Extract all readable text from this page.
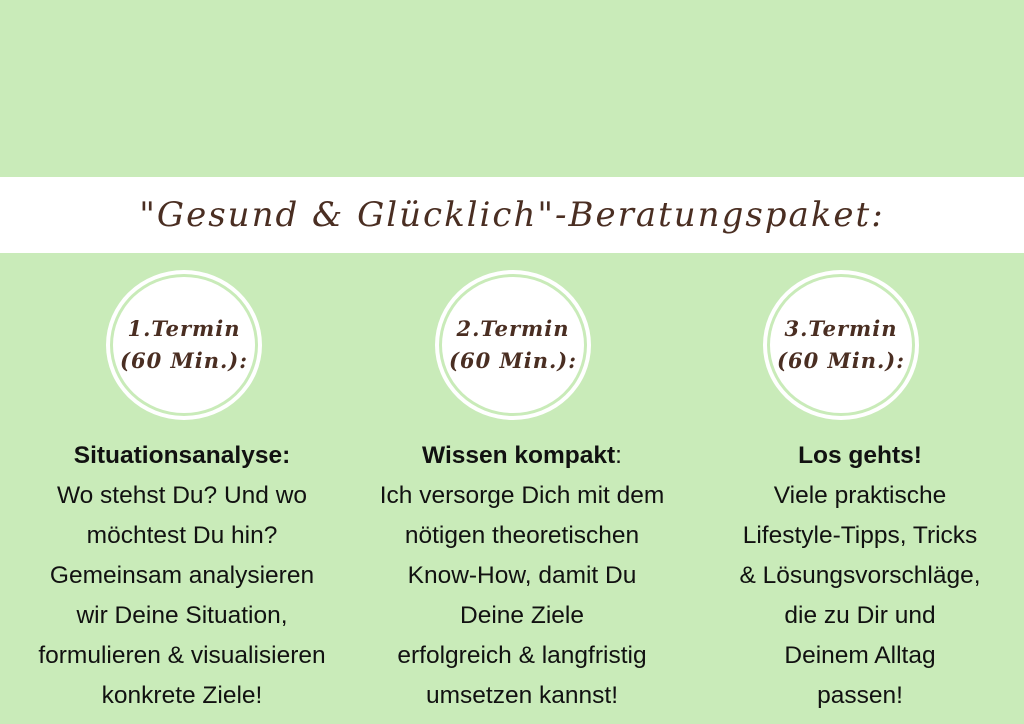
"Gesund & Glücklich"-Beratungspaket:
1.Termin
(60 Min.):
Situationsanalyse:
Wo stehst Du? Und wo
möchtest Du hin?
Gemeinsam analysieren
wir Deine Situation,
formulieren & visualisieren
konkrete Ziele!
2.Termin
(60 Min.):
Wissen kompakt:
Ich versorge Dich mit dem
nötigen theoretischen
Know-How, damit Du
Deine Ziele
erfolgreich & langfristig
umsetzen kannst!
3.Termin
(60 Min.):
Los gehts!
Viele praktische
Lifestyle-Tipps, Tricks
& Lösungsvorschläge,
die zu Dir und
Deinem Alltag
passen!
